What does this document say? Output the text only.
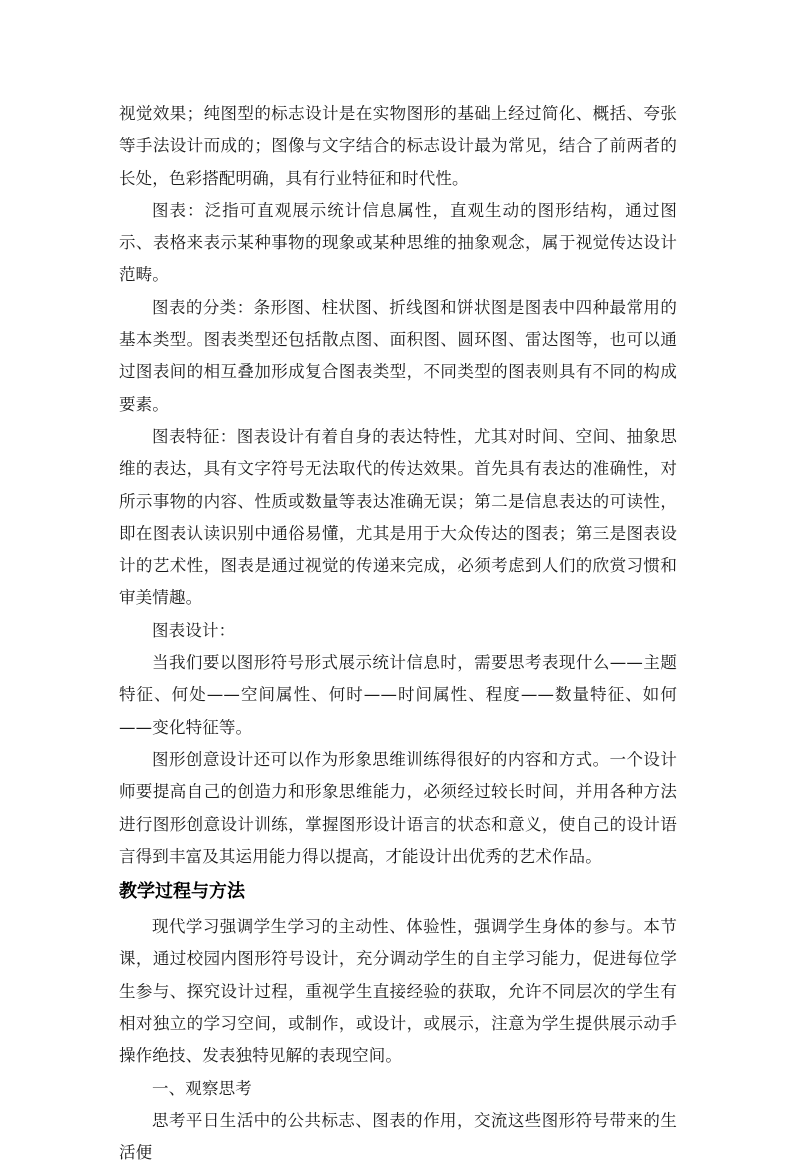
视觉效果；纯图型的标志设计是在实物图形的基础上经过简化、概括、夸张等手法设计而成的；图像与文字结合的标志设计最为常见，结合了前两者的长处，色彩搭配明确，具有行业特征和时代性。

图表：泛指可直观展示统计信息属性，直观生动的图形结构，通过图示、表格来表示某种事物的现象或某种思维的抽象观念，属于视觉传达设计范畴。

图表的分类：条形图、柱状图、折线图和饼状图是图表中四种最常用的基本类型。图表类型还包括散点图、面积图、圆环图、雷达图等，也可以通过图表间的相互叠加形成复合图表类型，不同类型的图表则具有不同的构成要素。

图表特征：图表设计有着自身的表达特性，尤其对时间、空间、抽象思维的表达，具有文字符号无法取代的传达效果。首先具有表达的准确性，对所示事物的内容、性质或数量等表达准确无误；第二是信息表达的可读性，即在图表认读识别中通俗易懂，尤其是用于大众传达的图表；第三是图表设计的艺术性，图表是通过视觉的传递来完成，必须考虑到人们的欣赏习惯和审美情趣。

图表设计：

当我们要以图形符号形式展示统计信息时，需要思考表现什么——主题特征、何处——空间属性、何时——时间属性、程度——数量特征、如何——变化特征等。

图形创意设计还可以作为形象思维训练得很好的内容和方式。一个设计师要提高自己的创造力和形象思维能力，必须经过较长时间，并用各种方法进行图形创意设计训练，掌握图形设计语言的状态和意义，使自己的设计语言得到丰富及其运用能力得以提高，才能设计出优秀的艺术作品。

教学过程与方法

现代学习强调学生学习的主动性、体验性，强调学生身体的参与。本节课，通过校园内图形符号设计，充分调动学生的自主学习能力，促进每位学生参与、探究设计过程，重视学生直接经验的获取，允许不同层次的学生有相对独立的学习空间，或制作，或设计，或展示，注意为学生提供展示动手操作绝技、发表独特见解的表现空间。

一、观察思考

思考平日生活中的公共标志、图表的作用，交流这些图形符号带来的生活便
